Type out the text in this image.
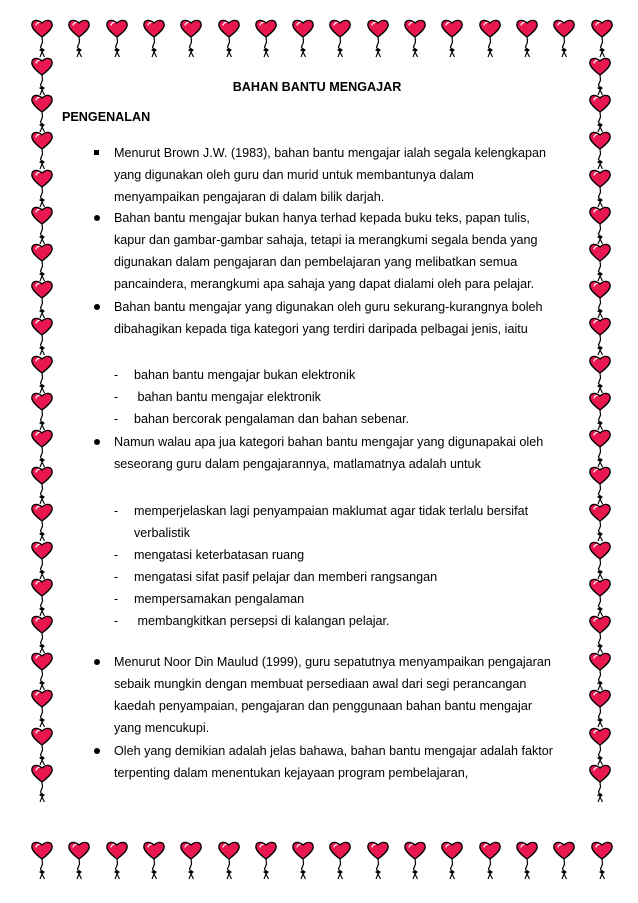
BAHAN BANTU MENGAJAR
PENGENALAN
Menurut Brown J.W. (1983), bahan bantu mengajar ialah segala kelengkapan yang digunakan oleh guru dan murid untuk membantunya dalam menyampaikan pengajaran di dalam bilik darjah.
Bahan bantu mengajar bukan hanya terhad kepada buku teks, papan tulis, kapur dan gambar-gambar sahaja, tetapi ia merangkumi segala benda yang digunakan dalam pengajaran dan pembelajaran yang melibatkan semua pancaindera, merangkumi apa sahaja yang dapat dialami oleh para pelajar.
Bahan bantu mengajar yang digunakan oleh guru sekurang-kurangnya boleh dibahagikan kepada tiga kategori yang terdiri daripada pelbagai jenis, iaitu
- bahan bantu mengajar bukan elektronik
- bahan bantu mengajar elektronik
- bahan bercorak pengalaman dan bahan sebenar.
Namun walau apa jua kategori bahan bantu mengajar yang digunapakai oleh seseorang guru dalam pengajarannya, matlamatnya adalah untuk
- memperjelaskan lagi penyampaian maklumat agar tidak terlalu bersifat verbalistik
- mengatasi keterbatasan ruang
- mengatasi sifat pasif pelajar dan memberi rangsangan
- mempersamakan pengalaman
- membangkitkan persepsi di kalangan pelajar.
Menurut Noor Din Maulud (1999), guru sepatutnya menyampaikan pengajaran sebaik mungkin dengan membuat persediaan awal dari segi perancangan kaedah penyampaian, pengajaran dan penggunaan bahan bantu mengajar yang mencukupi.
Oleh yang demikian adalah jelas bahawa, bahan bantu mengajar adalah faktor terpenting dalam menentukan kejayaan program pembelajaran,
